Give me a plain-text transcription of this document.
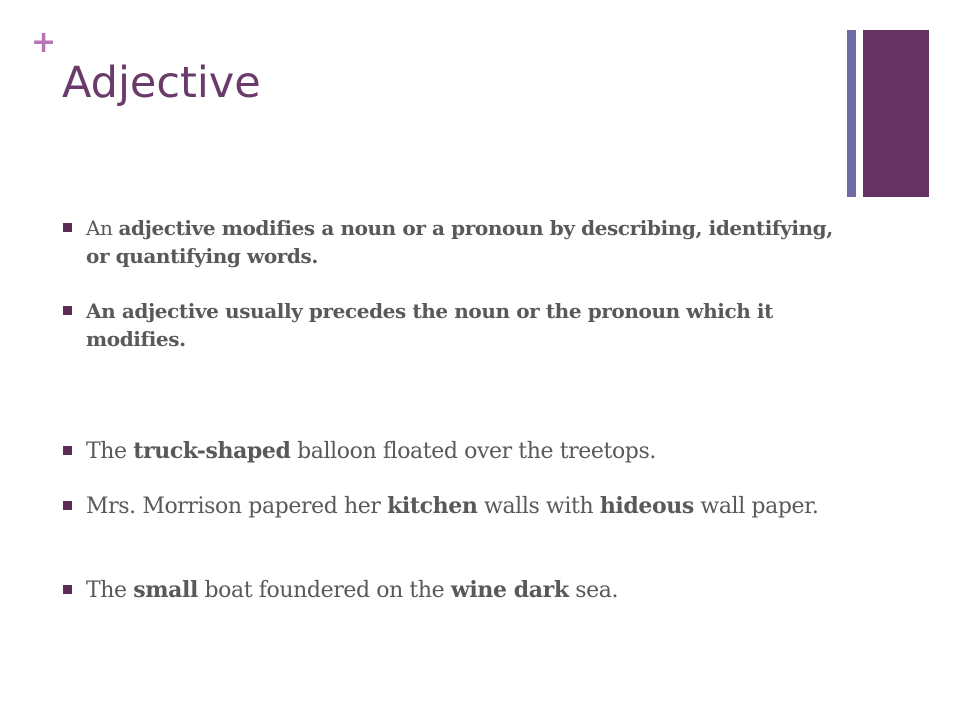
+
Adjective
An adjective modifies a noun or a pronoun by describing, identifying, or quantifying words.
An adjective usually precedes the noun or the pronoun which it modifies.
The truck-shaped balloon floated over the treetops.
Mrs. Morrison papered her kitchen walls with hideous wall paper.
The small boat foundered on the wine dark sea.
